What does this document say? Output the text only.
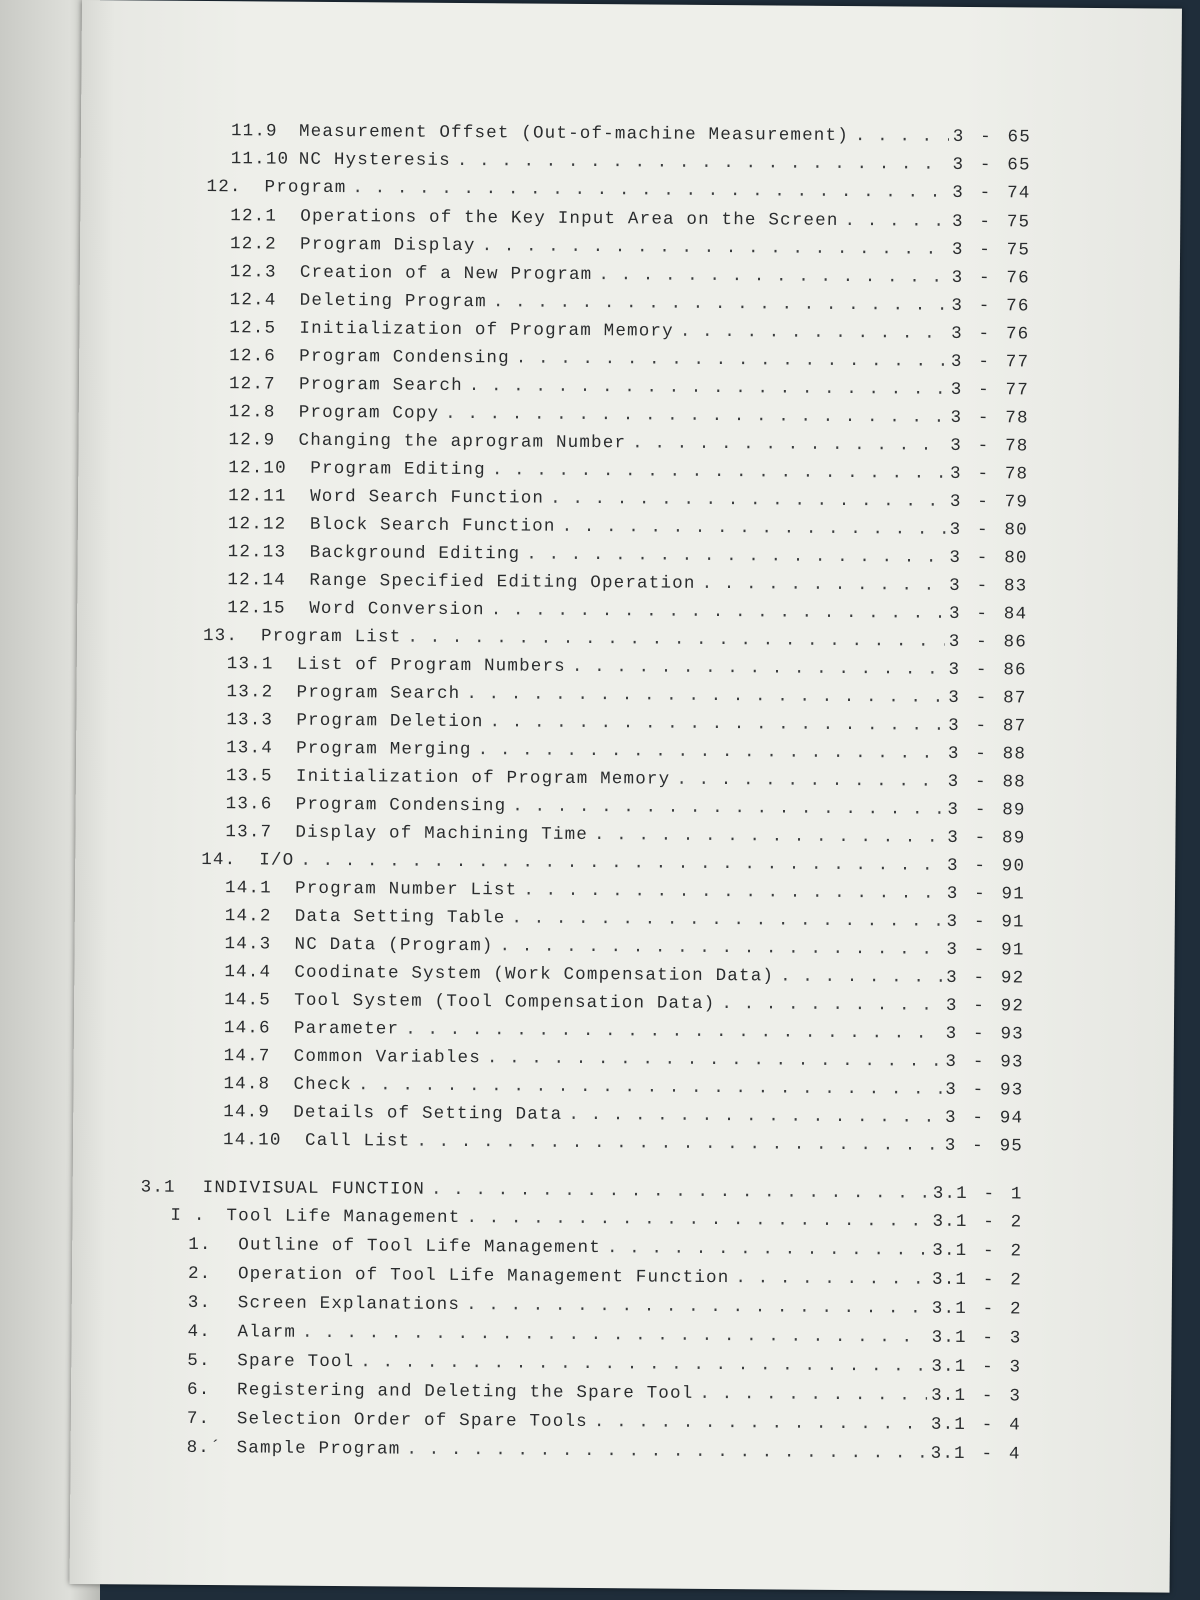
11.9	Measurement Offset (Out-of-machine Measurement) . . .	3 - 65
11.10 NC Hysteresis . . .	3 - 65
12.	Program . . .	3 - 74
12.1	Operations of the Key Input Area on the Screen . . .	3 - 75
12.2	Program Display . . .	3 - 75
12.3	Creation of a New Program . . .	3 - 76
12.4	Deleting Program . . .	3 - 76
12.5	Initialization of Program Memory . . .	3 - 76
12.6	Program Condensing . . .	3 - 77
12.7	Program Search . . .	3 - 77
12.8	Program Copy . . .	3 - 78
12.9	Changing the aprogram Number . . .	3 - 78
12.10	Program Editing . . .	3 - 78
12.11	Word Search Function . . .	3 - 79
12.12	Block Search Function . . .	3 - 80
12.13	Background Editing . . .	3 - 80
12.14	Range Specified Editing Operation . . .	3 - 83
12.15	Word Conversion . . .	3 - 84
13.	Program List . . .	3 - 86
13.1	List of Program Numbers . . .	3 - 86
13.2	Program Search . . .	3 - 87
13.3	Program Deletion . . .	3 - 87
13.4	Program Merging . . .	3 - 88
13.5	Initialization of Program Memory . . .	3 - 88
13.6	Program Condensing . . .	3 - 89
13.7	Display of Machining Time . . .	3 - 89
14.	I/O . . .	3 - 90
14.1	Program Number List . . .	3 - 91
14.2	Data Setting Table . . .	3 - 91
14.3	NC Data (Program) . . .	3 - 91
14.4	Coodinate System (Work Compensation Data) . . .	3 - 92
14.5	Tool System (Tool Compensation Data) . . .	3 - 92
14.6	Parameter . . .	3 - 93
14.7	Common Variables . . .	3 - 93
14.8	Check . . .	3 - 93
14.9	Details of Setting Data . . .	3 - 94
14.10	Call List . . .	3 - 95
3.1	INDIVISUAL FUNCTION . . .	3.1 - 1
I .	Tool Life Management . . .	3.1 - 2
1.	Outline of Tool Life Management . . .	3.1 - 2
2.	Operation of Tool Life Management Function . . .	3.1 - 2
3.	Screen Explanations . . .	3.1 - 2
4.	Alarm . . .	3.1 - 3
5.	Spare Tool . . .	3.1 - 3
6.	Registering and Deleting the Spare Tool . . .	3.1 - 3
7.	Selection Order of Spare Tools . . .	3.1 - 4
8.´ Sample Program . . .	3.1 - 4
